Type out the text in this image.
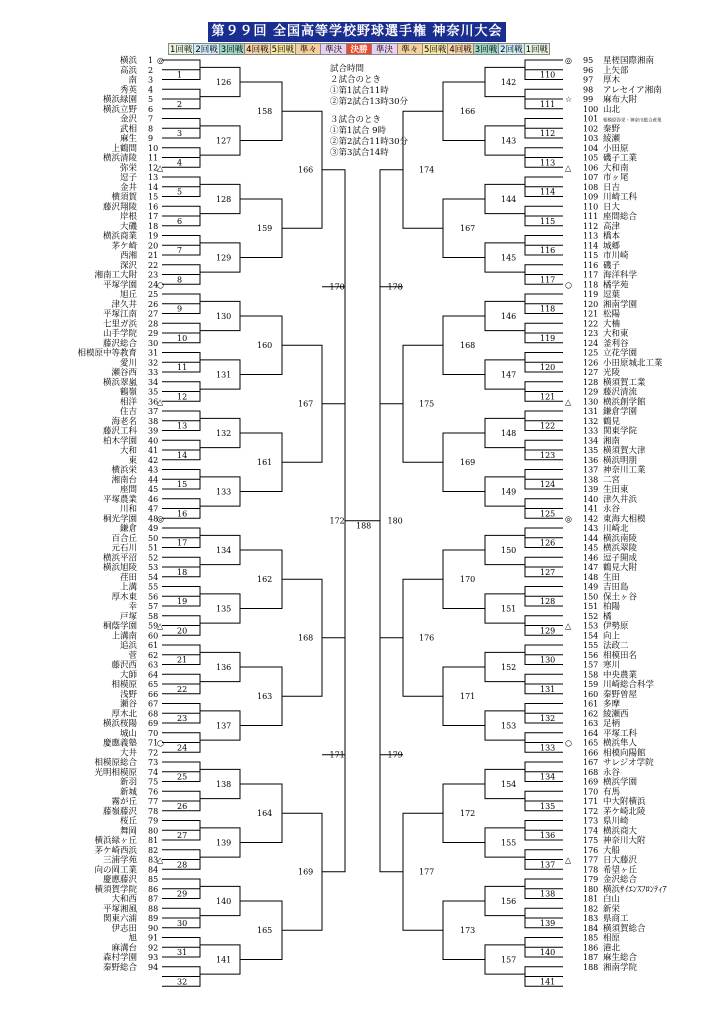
第９９回 全国高等学校野球選手権 神奈川大会
1回戦 2回戦 3回戦 4回戦 5回戦 準々 準決 決勝 準決 準々 5回戦 4回戦 3回戦 2回戦 1回戦
試合時間
２試合のとき
①第1試合11時
②第2試合13時30分
３試合のとき
①第1試合 9時
②第2試合11時30分
③第3試合14時
横浜 1 ◎
高浜 2
南 3
秀英 4
横浜緑園 5
横浜立野 6
金沢 7
武相 8
麻生 9
上鶴間 10
横浜清陵 11
弥栄 12
△
逗子 13
金井 14
横須賀 15
藤沢翔陵 16
岸根 17
大磯 18
横浜商業 19
茅ケ崎 20
西湘 21
深沢 22
湘南工大附 23
平塚学園 24
○
旭丘 25
津久井 26
平塚江南 27
七里ガ浜 28
山手学院 29
藤沢総合 30
相模原中等教育 31
愛川 32
瀬谷西 33
横浜翠嵐 34
鶴嶺 35
相洋 36
△
住吉 37
海老名 38
藤沢工科 39
柏木学園 40
大和 41
東 42
横浜栄 43
湘南台 44
座間 45
平塚農業 46
川和 47
桐光学園 48
◎
鎌倉 49
百合丘 50
元石川 51
横浜平沼 52
横浜旭陵 53
荏田 54
上溝 55
厚木東 56
幸 57
戸塚 58
桐蔭学園 59
△
上溝南 60
追浜 61
菅 62
藤沢西 63
大師 64
相模原 65
浅野 66
瀬谷 67
厚木北 68
横浜桜陽 69
城山 70
慶應義塾 71
○
大井 72
相模原総合 73
光明相模原 74
新羽 75
新城 76
霧が丘 77
藤嶺藤沢 78
桜丘 79
舞岡 80
横浜緑ヶ丘 81
茅ケ崎西浜 82
三浦学苑 83
△
向の岡工業 84
慶應藤沢 85
横須賀学院 86
大和西 87
平塚湘風 88
関東六浦 89
伊志田 90
旭 91
麻溝台 92
森村学園 93
秦野総合 94
95 星槎国際湘南
◎
96 上矢部
97 厚木
98 アレセイア湘南
99 麻布大附
☆
100 山北
101 相模原弥栄・神奈川総合産業
102 秦野
103 綾瀬
104 小田原
105 磯子工業
106 大和南
△
107 市ヶ尾
108 日吉
109 川崎工科
110 日大
111 座間総合
112 高津
113 橋本
114 城郷
115 市川崎
116 磯子
117 海洋科学
118 橘学苑
○
119 逗葉
120 湘南学園
121 松陽
122 大楠
123 大和東
124 釜利谷
125 立花学園
126 小田原城北工業
127 光陵
128 横須賀工業
129 藤沢清流
130 横浜創学館
△
131 鎌倉学園
132 鶴見
133 関東学院
134 湘南
135 横須賀大津
136 横浜明朋
137 神奈川工業
138 二宮
139 生田東
140 津久井浜
141 永谷
142 東海大相模
◎
143 川崎北
144 横浜南陵
145 横浜翠陵
146 逗子開成
147 鶴見大附
148 生田
149 吉田島
150 保土ヶ谷
151 柏陽
152 橘
153 伊勢原
△
154 向上
155 法政二
156 相模田名
157 寒川
158 中央農業
159 川崎総合科学
160 秦野曽屋
161 多摩
162 綾瀬西
163 足柄
164 平塚工科
165 横浜隼人
○
166 相模向陽館
167 サレジオ学院
168 永谷
169 横浜学園
170 有馬
171 中大附横浜
172 茅ケ崎北陵
173 県川崎
174 横浜商大
175 神奈川大附
176 大船
177 日大藤沢
△
178 希望ヶ丘
179 金沢総合
180 横浜ｻｲｴﾝｽﾌﾛﾝﾃｨｱ
181 白山
182 新栄
183 県商工
184 横須賀総合
185 相原
186 港北
187 麻生総合
188 湘南学院
1
2
3
4
5
6
7
8
9
10
11
12
13
14
15
16
17
18
19
20
21
22
23
24
25
26
27
28
29
30
31
32
126
127
128
129
130
131
132
133
134
135
136
137
138
139
140
141
158
159
160
161
162
163
164
165
166
167
168
169
170
171
172
110
111
112
113
114
115
116
117
118
119
120
121
122
123
124
125
126
127
128
129
130
131
132
133
134
135
136
137
138
139
140
141
142
143
144
145
146
147
148
149
150
151
152
153
154
155
156
157
166
167
168
169
170
171
172
173
174
175
176
177
178
179
180
188
